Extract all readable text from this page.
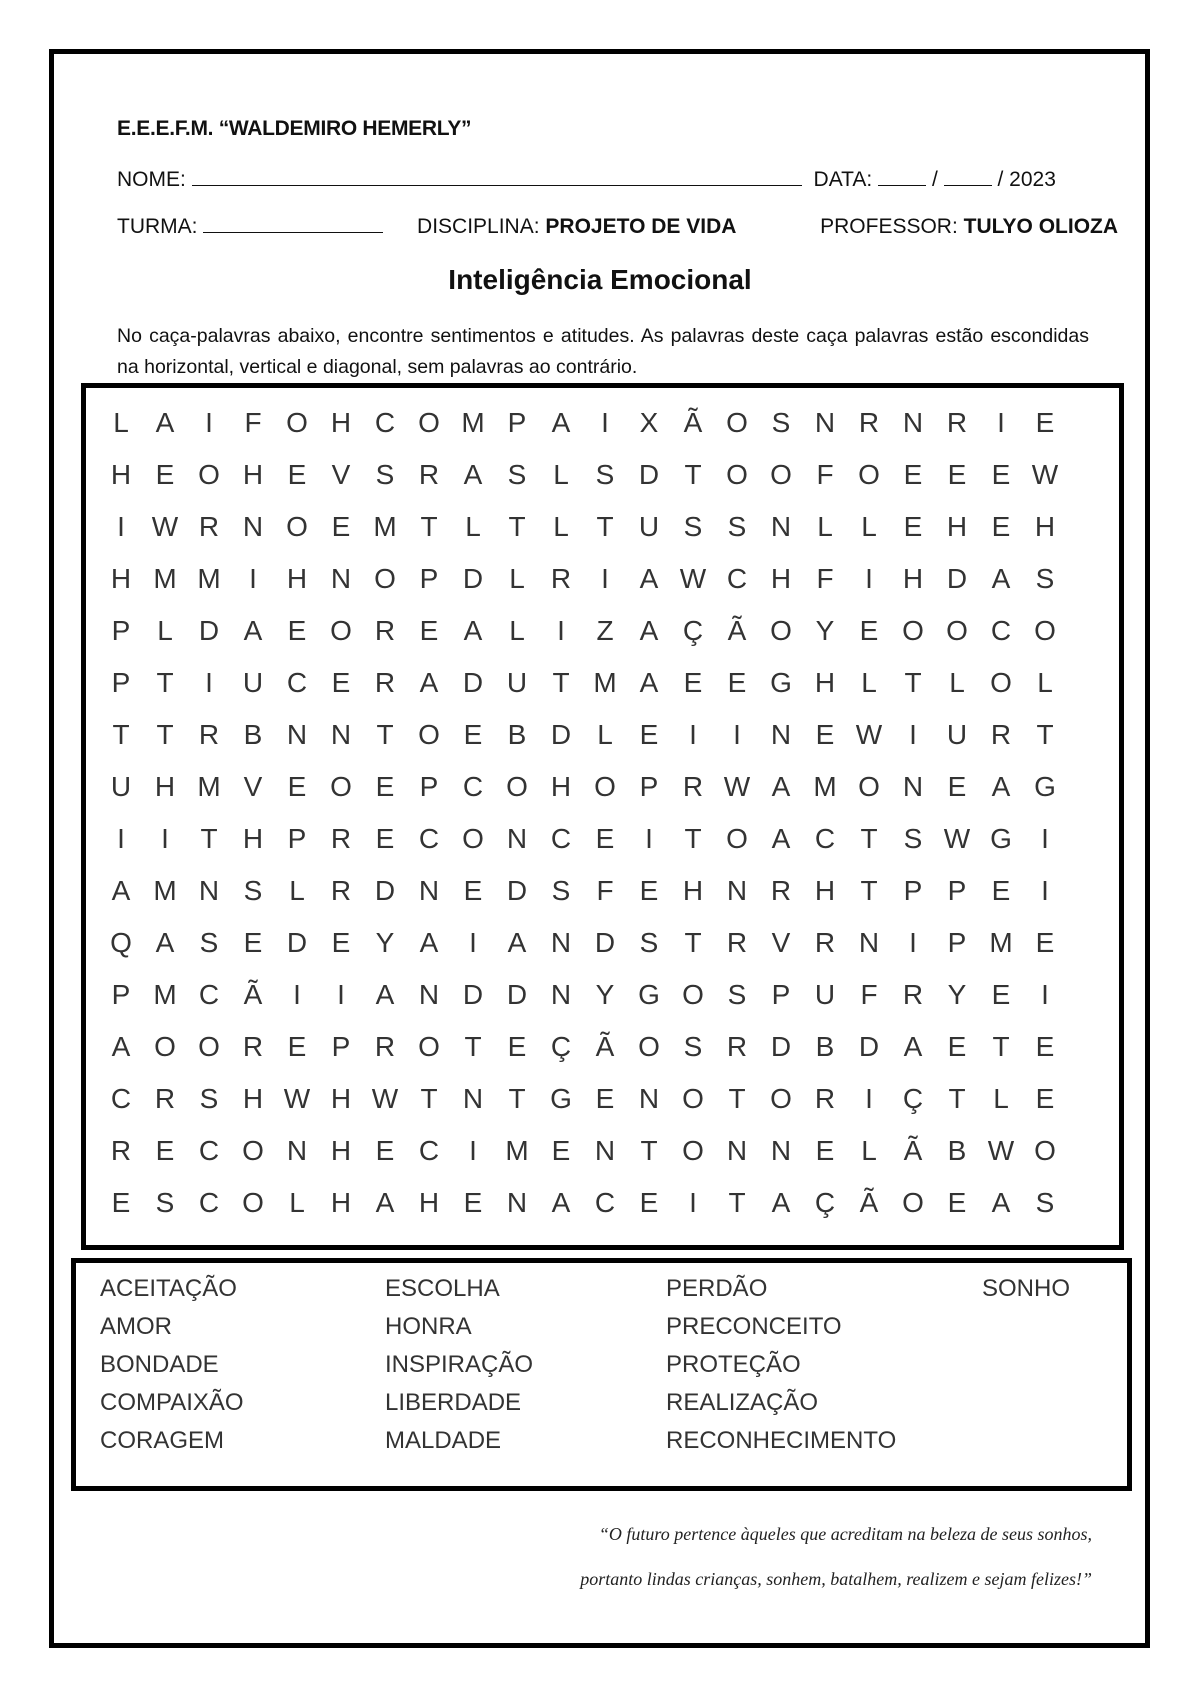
E.E.E.F.M. “WALDEMIRO HEMERLY”
NOME:	DATA:	/	/ 2023
TURMA:	DISCIPLINA: PROJETO DE VIDA	PROFESSOR: TULYO OLIOZA
Inteligência Emocional
No caça-palavras abaixo, encontre sentimentos e atitudes. As palavras deste caça palavras estão escondidas na horizontal, vertical e diagonal, sem palavras ao contrário.
L A	I	F O H C O M P A	I	X Ã O S N R N R	I	E
H E O H E V S R A S L S D T O O F O E E E W
I W R N O E M T L T L T U S S N L	L E H E H
H M M	I	H N O P D L R	I	A W C H F	I	H D A S
P L D A E O R E A L	I	Z A Ç Ã O Y E O O C O
P T	I	U C E R A D U T M A E E G H L T L O L
T T R B N N T O E B D L E	I	I	N E W I	U R T
U H M V E O E P C O H O P R W A M O N E A G
I	I	T H P R E C O N C E	I	T O A C T S W G	I
A M N S L R D N E D S F E H N R H T P P E	I
Q A S E D E Y A	I	A N D S T R V R N	I	P M E
P M C Ã	I	I	A N D D N Y G O S P U F R Y E	I
A O O R E P R O T E Ç Ã O S R D B D A E T E
C R S H W H W T N T G E N O T O R	I	Ç T L E
R E C O N H E C	I	M E N T O N N E L Ã B W O
E S C O L H A H E N A C E	I	T A Ç Ã O E A S
ACEITAÇÃO
AMOR
BONDADE
COMPAIXÃO
CORAGEM
ESCOLHA
HONRA
INSPIRAÇÃO
LIBERDADE
MALDADE
PERDÃO
PRECONCEITO
PROTEÇÃO
REALIZAÇÃO
RECONHECIMENTO
SONHO
“O futuro pertence àqueles que acreditam na beleza de seus sonhos,
portanto lindas crianças, sonhem, batalhem, realizem e sejam felizes!”
